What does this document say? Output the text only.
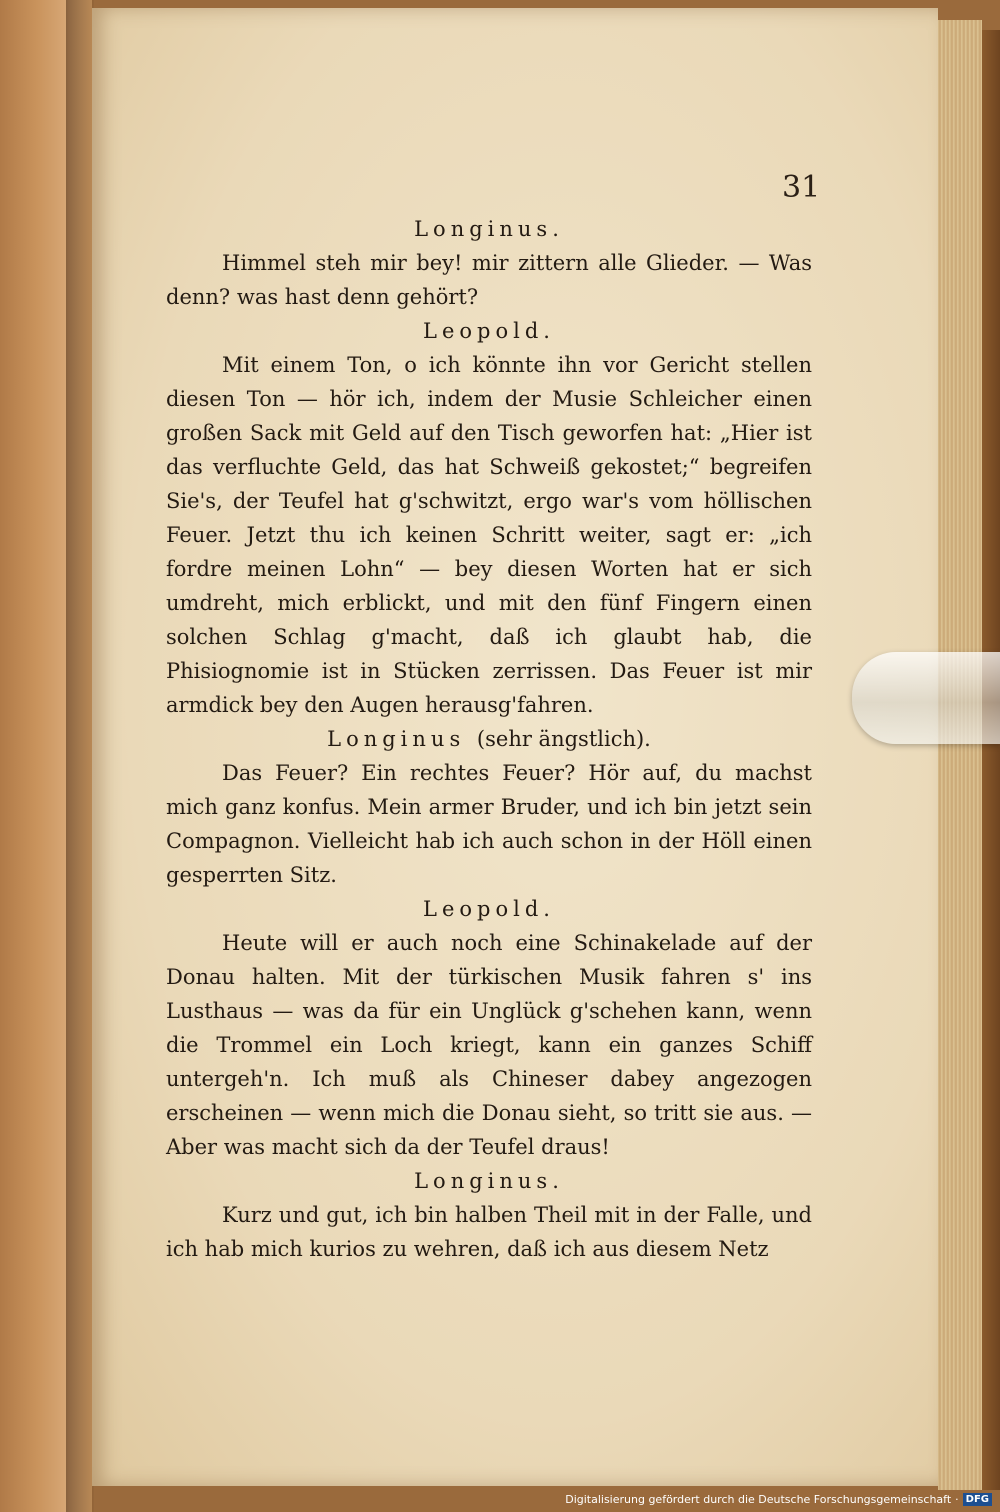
31

Longinus.

Himmel steh mir bey! mir zittern alle Glieder. — Was denn? was hast denn gehört?

Leopold.

Mit einem Ton, o ich könnte ihn vor Gericht stellen diesen Ton — hör ich, indem der Musie Schleicher einen großen Sack mit Geld auf den Tisch geworfen hat: „Hier ist das verfluchte Geld, das hat Schweiß gekostet;“ begreifen Sie's, der Teufel hat g'schwitzt, ergo war's vom höllischen Feuer. Jetzt thu ich keinen Schritt weiter, sagt er: „ich fordre meinen Lohn“ — bey diesen Worten hat er sich umdreht, mich erblickt, und mit den fünf Fingern einen solchen Schlag g'macht, daß ich glaubt hab, die Phisiognomie ist in Stücken zerrissen. Das Feuer ist mir armdick bey den Augen herausg'fahren.

Longinus (sehr ängstlich).

Das Feuer? Ein rechtes Feuer? Hör auf, du machst mich ganz konfus. Mein armer Bruder, und ich bin jetzt sein Compagnon. Vielleicht hab ich auch schon in der Höll einen gesperrten Sitz.

Leopold.

Heute will er auch noch eine Schinakelade auf der Donau halten. Mit der türkischen Musik fahren s' ins Lusthaus — was da für ein Unglück g'schehen kann, wenn die Trommel ein Loch kriegt, kann ein ganzes Schiff untergeh'n. Ich muß als Chineser dabey angezogen erscheinen — wenn mich die Donau sieht, so tritt sie aus. — Aber was macht sich da der Teufel draus!

Longinus.

Kurz und gut, ich bin halben Theil mit in der Falle, und ich hab mich kurios zu wehren, daß ich aus diesem Netz

Digitalisierung gefördert durch die Deutsche Forschungsgemeinschaft · DFG
